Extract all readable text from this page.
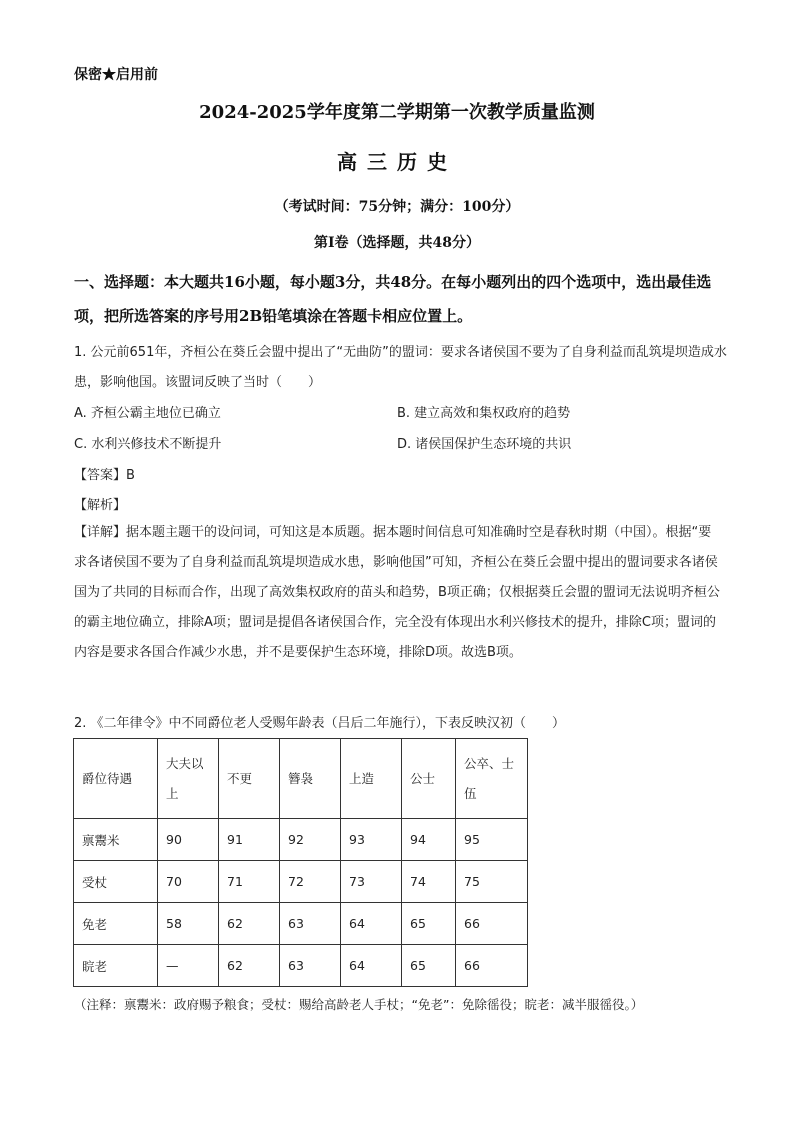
保密★启用前
2024-2025学年度第二学期第一次教学质量监测
高三历史
（考试时间：75分钟；满分：100分）
第Ⅰ卷（选择题，共48分）
一、选择题：本大题共16小题，每小题3分，共48分。在每小题列出的四个选项中，选出最佳选项，把所选答案的序号用2B铅笔填涂在答题卡相应位置上。
1. 公元前651年，齐桓公在葵丘会盟中提出了“无曲防”的盟词：要求各诸侯国不要为了自身利益而乱筑堤坝造成水患，影响他国。该盟词反映了当时（　　）
A. 齐桓公霸主地位已确立	B. 建立高效和集权政府的趋势
C. 水利兴修技术不断提升	D. 诸侯国保护生态环境的共识
【答案】B
【解析】
【详解】据本题主题干的设问词，可知这是本质题。据本题时间信息可知准确时空是春秋时期（中国）。根据“要求各诸侯国不要为了自身利益而乱筑堤坝造成水患，影响他国”可知，齐桓公在葵丘会盟中提出的盟词要求各诸侯国为了共同的目标而合作，出现了高效集权政府的苗头和趋势，B项正确；仅根据葵丘会盟的盟词无法说明齐桓公的霸主地位确立，排除A项；盟词是提倡各诸侯国合作，完全没有体现出水利兴修技术的提升，排除C项；盟词的内容是要求各国合作减少水患，并不是要保护生态环境，排除D项。故选B项。
2. 《二年律令》中不同爵位老人受赐年龄表（吕后二年施行），下表反映汉初（　　）
爵位待遇	大夫以上	不更	簪袅	上造	公士	公卒、士伍
禀鬻米	90	91	92	93	94	95
受杖	70	71	72	73	74	75
免老	58	62	63	64	65	66
睆老	—	62	63	64	65	66
（注释：禀鬻米：政府赐予粮食；受杖：赐给高龄老人手杖；“免老”：免除徭役；睆老：减半服徭役。）
